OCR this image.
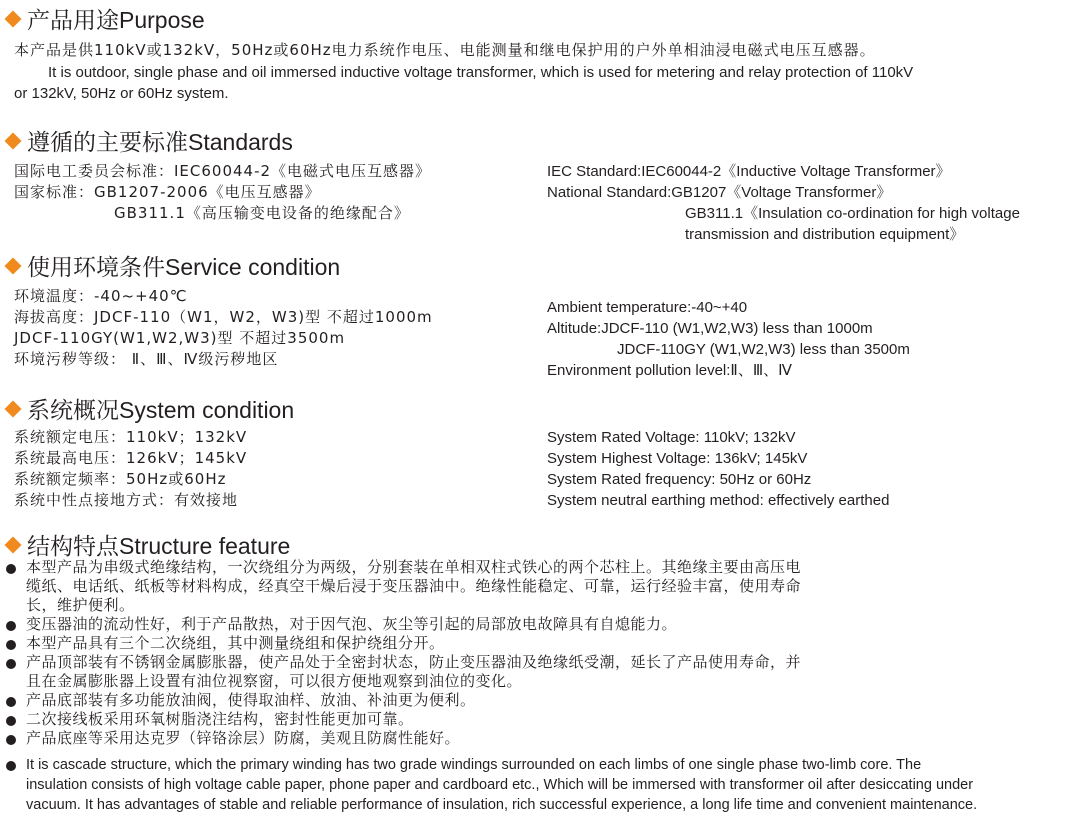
产品用途Purpose
本产品是供110kV或132kV，50Hz或60Hz电力系统作电压、电能测量和继电保护用的户外单相油浸电磁式电压互感器。
It is outdoor, single phase and oil immersed inductive voltage transformer, which is used for metering and relay protection of 110kV
or 132kV, 50Hz or 60Hz system.
遵循的主要标准Standards
国际电工委员会标准：IEC60044-2《电磁式电压互感器》
国家标准：GB1207-2006《电压互感器》
GB311.1《高压输变电设备的绝缘配合》
IEC Standard:IEC60044-2《Inductive Voltage Transformer》
National Standard:GB1207《Voltage Transformer》
GB311.1《Insulation co-ordination for high voltage
transmission and distribution equipment》
使用环境条件Service condition
环境温度：-40~+40℃
海拔高度：JDCF-110（W1，W2，W3)型 不超过1000m
JDCF-110GY(W1,W2,W3)型 不超过3500m
环境污秽等级： Ⅱ、Ⅲ、Ⅳ级污秽地区
Ambient temperature:-40~+40
Altitude:JDCF-110 (W1,W2,W3) less than 1000m
JDCF-110GY (W1,W2,W3) less than 3500m
Environment pollution level:Ⅱ、Ⅲ、Ⅳ
系统概况System condition
系统额定电压：110kV；132kV
系统最高电压：126kV；145kV
系统额定频率：50Hz或60Hz
系统中性点接地方式：有效接地
System Rated Voltage: 110kV; 132kV
System Highest Voltage: 136kV; 145kV
System Rated frequency: 50Hz or 60Hz
System neutral earthing method: effectively earthed
结构特点Structure feature
本型产品为串级式绝缘结构，一次绕组分为两级，分别套装在单相双柱式铁心的两个芯柱上。其绝缘主要由高压电
缆纸、电话纸、纸板等材料构成，经真空干燥后浸于变压器油中。绝缘性能稳定、可靠，运行经验丰富，使用寿命
长，维护便利。
变压器油的流动性好，利于产品散热，对于因气泡、灰尘等引起的局部放电故障具有自熄能力。
本型产品具有三个二次绕组，其中测量绕组和保护绕组分开。
产品顶部装有不锈钢金属膨胀器，使产品处于全密封状态，防止变压器油及绝缘纸受潮，延长了产品使用寿命，并
且在金属膨胀器上设置有油位视察窗，可以很方便地观察到油位的变化。
产品底部装有多功能放油阀，使得取油样、放油、补油更为便利。
二次接线板采用环氧树脂浇注结构，密封性能更加可靠。
产品底座等采用达克罗（锌铬涂层）防腐，美观且防腐性能好。
It is cascade structure, which the primary winding has two grade windings surrounded on each limbs of one single phase two-limb core. The
insulation consists of high voltage cable paper, phone paper and cardboard etc., Which will be immersed with transformer oil after desiccating under
vacuum. It has advantages of stable and reliable performance of insulation, rich successful experience, a long life time and convenient maintenance.
